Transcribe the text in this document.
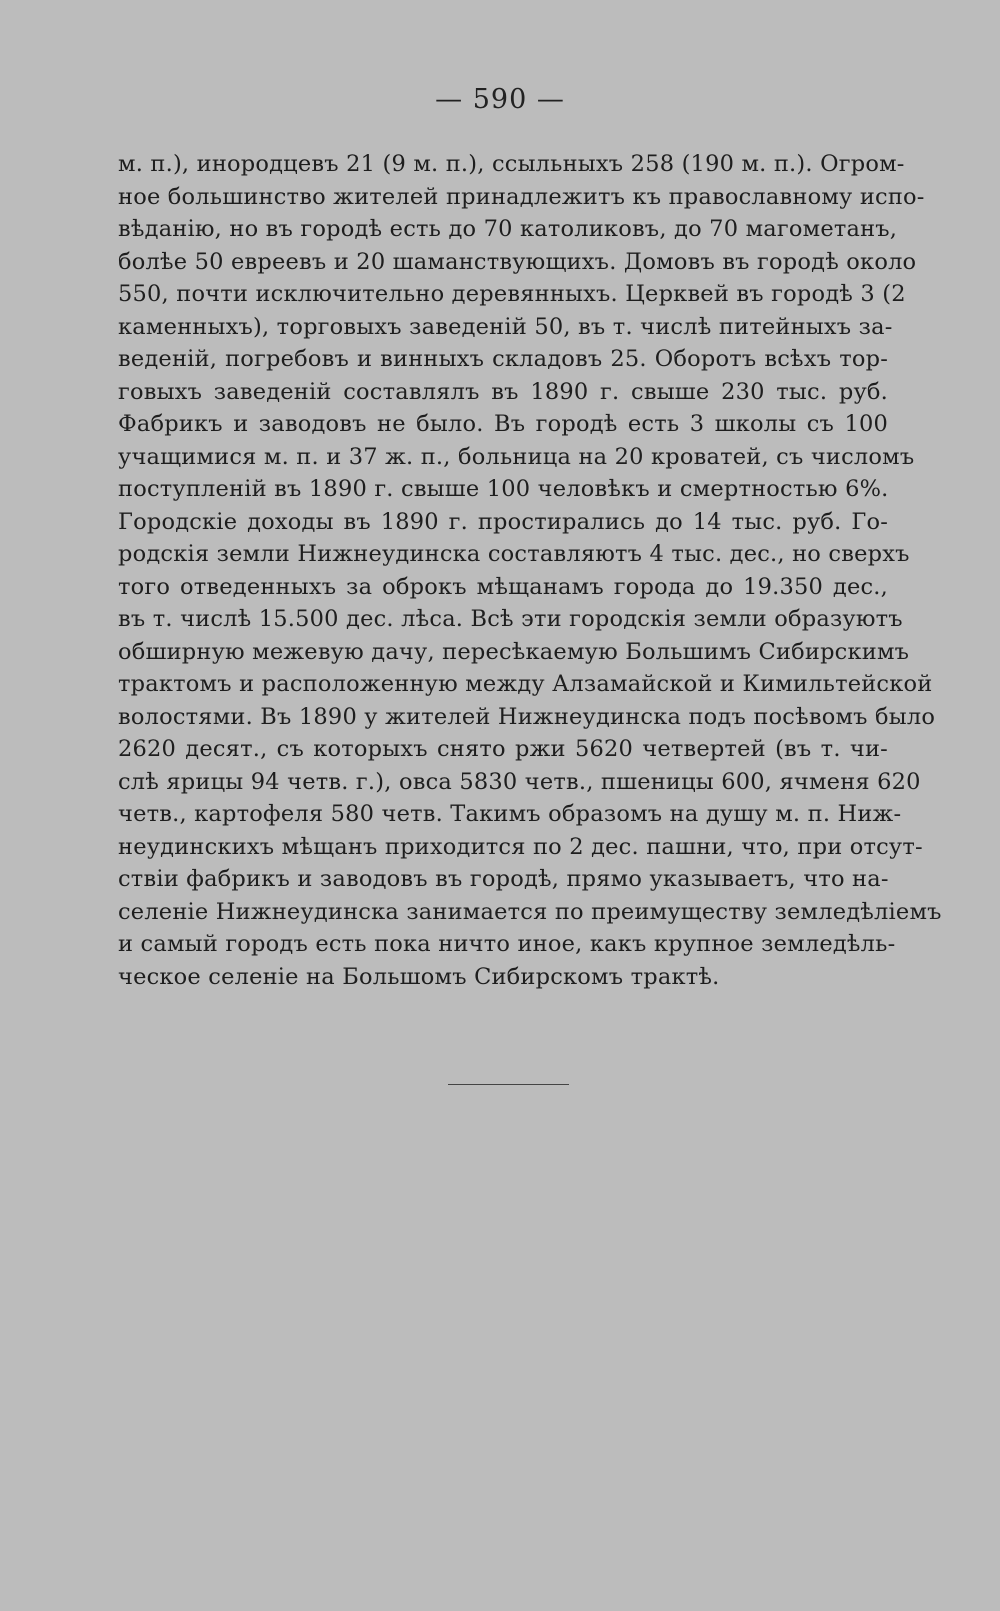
— 590 —
м. п.), инородцевъ 21 (9 м. п.), ссыльныхъ 258 (190 м. п.). Огром-
ное большинство жителей принадлежитъ къ православному испо-
вѣданію, но въ городѣ есть до 70 католиковъ, до 70 магометанъ,
болѣе 50 евреевъ и 20 шаманствующихъ. Домовъ въ городѣ около
550, почти исключительно деревянныхъ. Церквей въ городѣ 3 (2
каменныхъ), торговыхъ заведеній 50, въ т. числѣ питейныхъ за-
веденій, погребовъ и винныхъ складовъ 25. Оборотъ всѣхъ тор-
говыхъ заведеній составлялъ въ 1890 г. свыше 230 тыс. руб.
Фабрикъ и заводовъ не было. Въ городѣ есть 3 школы съ 100
учащимися м. п. и 37 ж. п., больница на 20 кроватей, съ числомъ
поступленій въ 1890 г. свыше 100 человѣкъ и смертностью 6%.
Городскіе доходы въ 1890 г. простирались до 14 тыс. руб. Го-
родскія земли Нижнеудинска составляютъ 4 тыс. дес., но сверхъ
того отведенныхъ за оброкъ мѣщанамъ города до 19.350 дес.,
въ т. числѣ 15.500 дес. лѣса. Всѣ эти городскія земли образуютъ
обширную межевую дачу, пересѣкаемую Большимъ Сибирскимъ
трактомъ и расположенную между Алзамайской и Кимильтейской
волостями. Въ 1890 у жителей Нижнеудинска подъ посѣвомъ было
2620 десят., съ которыхъ снято ржи 5620 четвертей (въ т. чи-
слѣ ярицы 94 четв. г.), овса 5830 четв., пшеницы 600, ячменя 620
четв., картофеля 580 четв. Такимъ образомъ на душу м. п. Ниж-
неудинскихъ мѣщанъ приходится по 2 дес. пашни, что, при отсут-
ствіи фабрикъ и заводовъ въ городѣ, прямо указываетъ, что на-
селеніе Нижнеудинска занимается по преимуществу земледѣліемъ
и самый городъ есть пока ничто иное, какъ крупное земледѣль-
ческое селеніе на Большомъ Сибирскомъ трактѣ.
